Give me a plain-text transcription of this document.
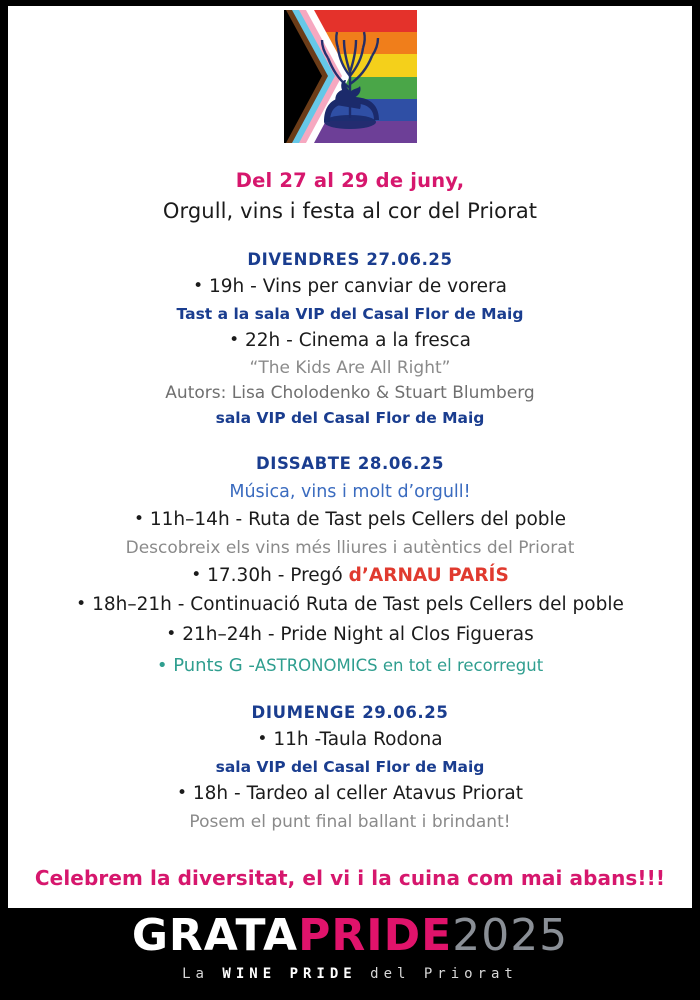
Del 27 al 29 de juny,
Orgull, vins i festa al cor del Priorat
DIVENDRES 27.06.25
• 19h - Vins per canviar de vorera
Tast a la sala VIP del Casal Flor de Maig
• 22h - Cinema a la fresca
“The Kids Are All Right”
Autors: Lisa Cholodenko & Stuart Blumberg
sala VIP del Casal Flor de Maig
DISSABTE 28.06.25
Música, vins i molt d’orgull!
• 11h–14h - Ruta de Tast pels Cellers del poble
Descobreix els vins més lliures i autèntics del Priorat
• 17.30h - Pregó d’ARNAU PARÍS
• 18h–21h - Continuació Ruta de Tast pels Cellers del poble
• 21h–24h - Pride Night al Clos Figueras
• Punts G -ASTRONOMICS en tot el recorregut
DIUMENGE 29.06.25
• 11h -Taula Rodona
sala VIP del Casal Flor de Maig
• 18h - Tardeo al celler Atavus Priorat
Posem el punt final ballant i brindant!
Celebrem la diversitat, el vi i la cuina com mai abans!!!
GRATAPRIDE2025
La WINE PRIDE del Priorat
